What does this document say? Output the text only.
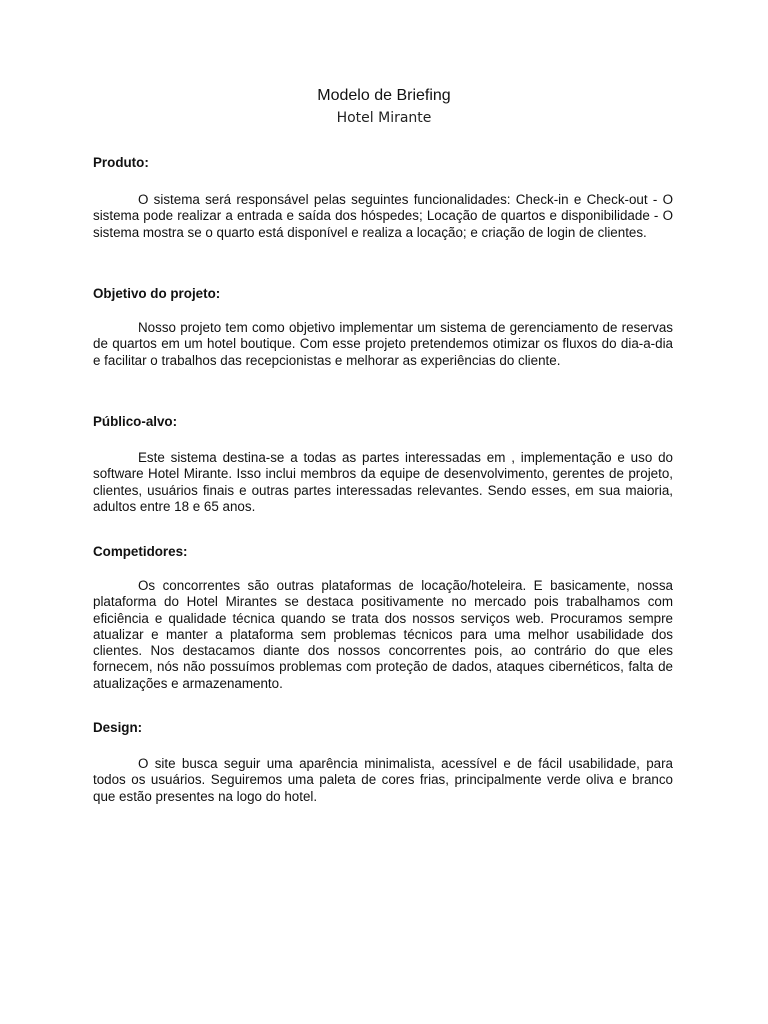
Modelo de Briefing
Hotel Mirante
Produto:

O sistema será responsável pelas seguintes funcionalidades: Check-in e Check-out - O sistema pode realizar a entrada e saída dos hóspedes; Locação de quartos e disponibilidade - O sistema mostra se o quarto está disponível e realiza a locação; e criação de login de clientes.

Objetivo do projeto:

Nosso projeto tem como objetivo implementar um sistema de gerenciamento de reservas de quartos em um hotel boutique. Com esse projeto pretendemos otimizar os fluxos do dia-a-dia e facilitar o trabalhos das recepcionistas e melhorar as experiências do cliente.

Público-alvo:

Este sistema destina-se a todas as partes interessadas em , implementação e uso do software Hotel Mirante. Isso inclui membros da equipe de desenvolvimento, gerentes de projeto, clientes, usuários finais e outras partes interessadas relevantes. Sendo esses, em sua maioria, adultos entre 18 e 65 anos.

Competidores:

Os concorrentes são outras plataformas de locação/hoteleira. E basicamente, nossa plataforma do Hotel Mirantes se destaca positivamente no mercado pois trabalhamos com eficiência e qualidade técnica quando se trata dos nossos serviços web. Procuramos sempre atualizar e manter a plataforma sem problemas técnicos para uma melhor usabilidade dos clientes. Nos destacamos diante dos nossos concorrentes pois, ao contrário do que eles fornecem, nós não possuímos problemas com proteção de dados, ataques cibernéticos, falta de atualizações e armazenamento.

Design:

O site busca seguir uma aparência minimalista, acessível e de fácil usabilidade, para todos os usuários. Seguiremos uma paleta de cores frias, principalmente verde oliva e branco que estão presentes na logo do hotel.
